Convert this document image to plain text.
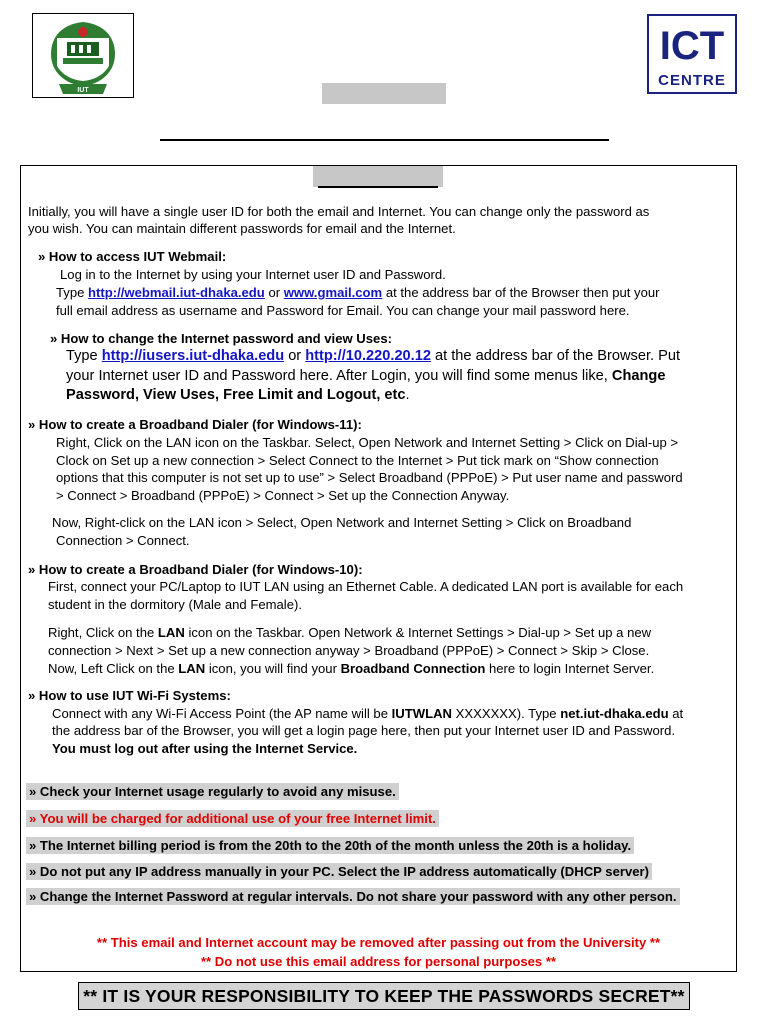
IUT
ICT
CENTRE
Initially, you will have a single user ID for both the email and Internet. You can change only the password as
you wish. You can maintain different passwords for email and the Internet.
» How to access IUT Webmail:
Log in to the Internet by using your Internet user ID and Password.
Type http://webmail.iut-dhaka.edu or www.gmail.com at the address bar of the Browser then put your
full email address as username and Password for Email. You can change your mail password here.
» How to change the Internet password and view Uses:
Type http://iusers.iut-dhaka.edu or http://10.220.20.12 at the address bar of the Browser. Put
your Internet user ID and Password here. After Login, you will find some menus like, Change
Password, View Uses, Free Limit and Logout, etc.
» How to create a Broadband Dialer (for Windows-11):
Right, Click on the LAN icon on the Taskbar. Select, Open Network and Internet Setting > Click on Dial-up >
Clock on Set up a new connection > Select Connect to the Internet > Put tick mark on “Show connection
options that this computer is not set up to use” > Select Broadband (PPPoE) > Put user name and password
> Connect > Broadband (PPPoE) > Connect > Set up the Connection Anyway.
Now, Right-click on the LAN icon > Select, Open Network and Internet Setting > Click on Broadband
Connection > Connect.
» How to create a Broadband Dialer (for Windows-10):
First, connect your PC/Laptop to IUT LAN using an Ethernet Cable. A dedicated LAN port is available for each
student in the dormitory (Male and Female).
Right, Click on the LAN icon on the Taskbar. Open Network & Internet Settings > Dial-up > Set up a new
connection > Next > Set up a new connection anyway > Broadband (PPPoE) > Connect > Skip > Close.
Now, Left Click on the LAN icon, you will find your Broadband Connection here to login Internet Server.
» How to use IUT Wi-Fi Systems:
Connect with any Wi-Fi Access Point (the AP name will be IUTWLAN XXXXXXX). Type net.iut-dhaka.edu at
the address bar of the Browser, you will get a login page here, then put your Internet user ID and Password.
You must log out after using the Internet Service.
» Check your Internet usage regularly to avoid any misuse.
» You will be charged for additional use of your free Internet limit.
» The Internet billing period is from the 20th to the 20th of the month unless the 20th is a holiday.
» Do not put any IP address manually in your PC. Select the IP address automatically (DHCP server)
» Change the Internet Password at regular intervals. Do not share your password with any other person.
** This email and Internet account may be removed after passing out from the University **
** Do not use this email address for personal purposes **
** IT IS YOUR RESPONSIBILITY TO KEEP THE PASSWORDS SECRET**
